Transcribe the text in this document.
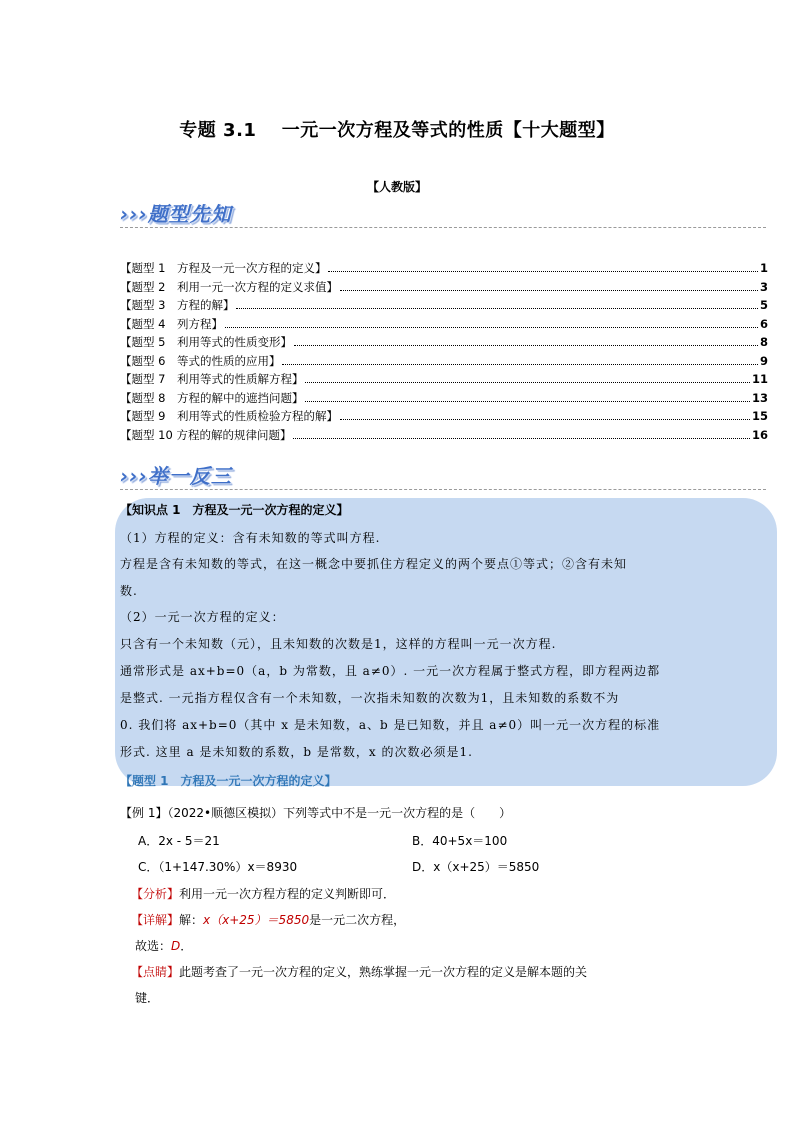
专题 3.1　 一元一次方程及等式的性质【十大题型】
【人教版】
›››题型先知
【题型 1　方程及一元一次方程的定义】	1
【题型 2　利用一元一次方程的定义求值】	3
【题型 3　方程的解】	5
【题型 4　列方程】	6
【题型 5　利用等式的性质变形】	8
【题型 6　等式的性质的应用】	9
【题型 7　利用等式的性质解方程】	11
【题型 8　方程的解中的遮挡问题】	13
【题型 9　利用等式的性质检验方程的解】	15
【题型 10 方程的解的规律问题】	16
›››举一反三
【知识点 1　方程及一元一次方程的定义】
（1）方程的定义：含有未知数的等式叫方程.
方程是含有未知数的等式，在这一概念中要抓住方程定义的两个要点①等式；②含有未知
数.
（2）一元一次方程的定义：
只含有一个未知数（元），且未知数的次数是1，这样的方程叫一元一次方程.
通常形式是 ax+b=0（a，b 为常数，且 a≠0）. 一元一次方程属于整式方程，即方程两边都
是整式. 一元指方程仅含有一个未知数，一次指未知数的次数为1，且未知数的系数不为
0. 我们将 ax+b=0（其中 x 是未知数，a、b 是已知数，并且 a≠0）叫一元一次方程的标准
形式. 这里 a 是未知数的系数，b 是常数，x 的次数必须是1.
【题型 1　方程及一元一次方程的定义】
【例 1】（2022•顺德区模拟）下列等式中不是一元一次方程的是（　　）
A．2x - 5＝21	B．40+5x＝100
C．（1+147.30%）x＝8930	D．x（x+25）＝5850
【分析】利用一元一次方程方程的定义判断即可．
【详解】解：x（x+25）＝5850是一元二次方程，
故选：D．
【点睛】此题考查了一元一次方程的定义，熟练掌握一元一次方程的定义是解本题的关
键．
